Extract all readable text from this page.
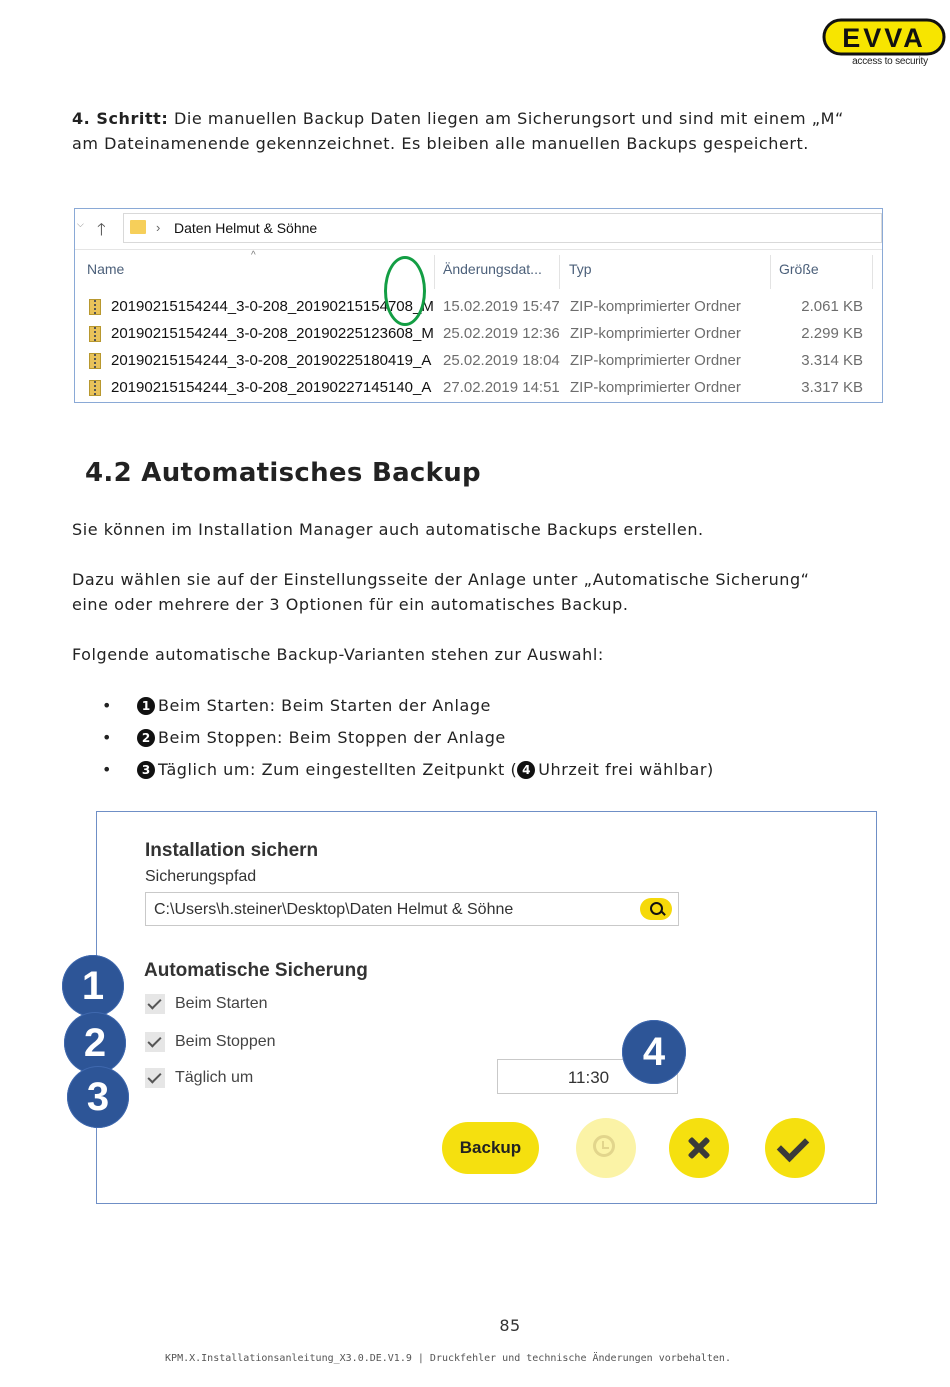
EVVA
access to security
4. Schritt: Die manuellen Backup Daten liegen am Sicherungsort und sind mit einem „M“
am Dateinamenende gekennzeichnet. Es bleiben alle manuellen Backups gespeichert.
⌵ 🡑	› Daten Helmut & Söhne
^
Name	Änderungsdat... Typ	Größe
20190215154244_3-0-208_20190215154708_M 15.02.2019 15:47 ZIP-komprimierter Ordner	2.061 KB
20190215154244_3-0-208_20190225123608_M 25.02.2019 12:36 ZIP-komprimierter Ordner	2.299 KB
20190215154244_3-0-208_20190225180419_A 25.02.2019 18:04 ZIP-komprimierter Ordner	3.314 KB
20190215154244_3-0-208_20190227145140_A 27.02.2019 14:51 ZIP-komprimierter Ordner	3.317 KB
4.2 Automatisches Backup
Sie können im Installation Manager auch automatische Backups erstellen.
Dazu wählen sie auf der Einstellungsseite der Anlage unter „Automatische Sicherung“
eine oder mehrere der 3 Optionen für ein automatisches Backup.
Folgende automatische Backup-Varianten stehen zur Auswahl:
•	1 Beim Starten: Beim Starten der Anlage
•	2 Beim Stoppen: Beim Stoppen der Anlage
•	3 Täglich um: Zum eingestellten Zeitpunkt ( 4 Uhrzeit frei wählbar)
Installation sichern
Sicherungspfad
C:\Users\h.steiner\Desktop\Daten Helmut & Söhne
Automatische Sicherung
Beim Starten
Beim Stoppen
Täglich um	11:30
Backup
1
2
3
4
85
KPM.X.Installationsanleitung_X3.0.DE.V1.9 | Druckfehler und technische Änderungen vorbehalten.
